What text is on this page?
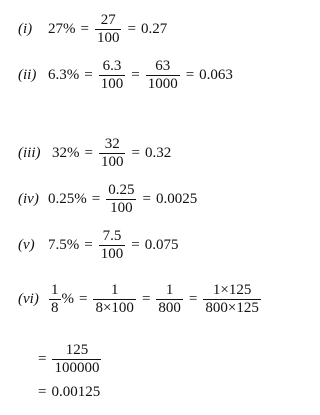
(i)	$27\% = \frac{27}{100} = 0.27$
(ii) $6.3\% = \frac{6.3}{100} = \frac{63}{1000} = 0.063$
(iii) $32\% = \frac{32}{100} = 0.32$
(iv) $0.25\% = \frac{0.25}{100} = 0.0025$
(v) $7.5\% = \frac{7.5}{100} = 0.075$
$(vi) \frac{1}{8}$ % = $\frac{1}{8\times 100} = \frac{1}{800} = \frac{1\times 125}{800\times 125}$
= $\frac{125}{100000}$
= 0.00125
